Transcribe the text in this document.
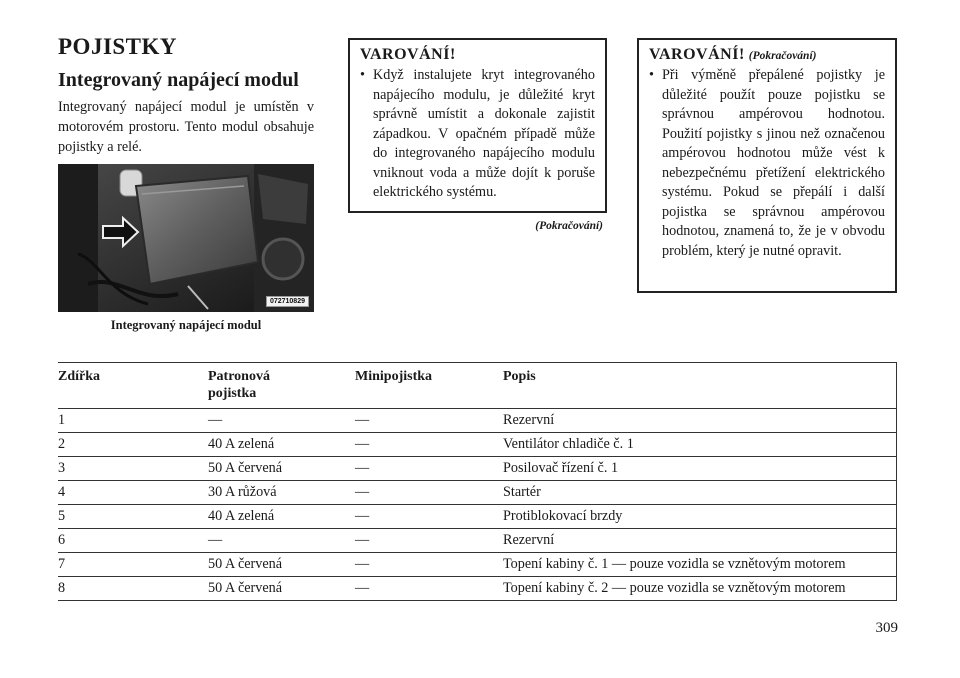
POJISTKY
Integrovaný napájecí modul

Integrovaný napájecí modul je umístěn v motorovém prostoru. Tento modul obsahuje pojistky a relé.

072710829
Integrovaný napájecí modul

VAROVÁNÍ!

• Když instalujete kryt integrovaného napájecího modulu, je důležité kryt správně umístit a dokonale zajistit západkou. V opačném případě může do integrovaného napájecího modulu vniknout voda a může dojít k poruše elektrického systému.
(Pokračování)

VAROVÁNÍ! (Pokračování)

• Při výměně přepálené pojistky je důležité použít pouze pojistku se správnou ampérovou hodnotou. Použití pojistky s jinou než označenou ampérovou hodnotou může vést k nebezpečnému přetížení elektrického systému. Pokud se přepálí i další pojistka se správnou ampérovou hodnotou, znamená to, že je v obvodu problém, který je nutné opravit.
Zdířka	Patronová pojistka	Minipojistka	Popis
1	—	—	Rezervní
2	40 A zelená	—	Ventilátor chladiče č. 1
3	50 A červená	—	Posilovač řízení č. 1
4	30 A růžová	—	Startér
5	40 A zelená	—	Protiblokovací brzdy
6	—	—	Rezervní
7	50 A červená	—	Topení kabiny č. 1 — pouze vozidla se vznětovým motorem
8	50 A červená	—	Topení kabiny č. 2 — pouze vozidla se vznětovým motorem
309
